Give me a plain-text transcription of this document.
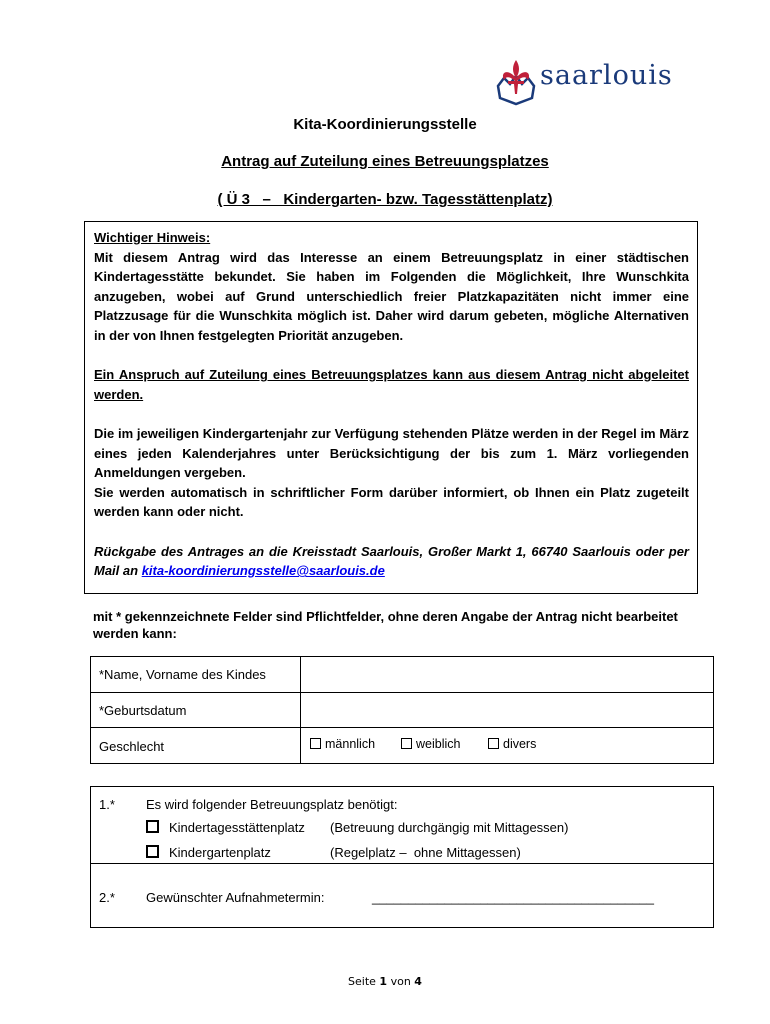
saarlouis
Kita-Koordinierungsstelle
Antrag auf Zuteilung eines Betreuungsplatzes
( Ü 3   –   Kindergarten- bzw. Tagesstättenplatz)

Wichtiger Hinweis:

Mit diesem Antrag wird das Interesse an einem Betreuungsplatz in einer städtischen Kindertagesstätte bekundet. Sie haben im Folgenden die Möglichkeit, Ihre Wunschkita anzugeben, wobei auf Grund unterschiedlich freier Platzkapazitäten nicht immer eine Platzzusage für die Wunschkita möglich ist. Daher wird darum gebeten, mögliche Alternativen in der von Ihnen festgelegten Priorität anzugeben.

Ein Anspruch auf Zuteilung eines Betreuungsplatzes kann aus diesem Antrag nicht abgeleitet werden.

Die im jeweiligen Kindergartenjahr zur Verfügung stehenden Plätze werden in der Regel im März eines jeden Kalenderjahres unter Berücksichtigung der bis zum 1. März vorliegenden Anmeldungen vergeben.

Sie werden automatisch in schriftlicher Form darüber informiert, ob Ihnen ein Platz zugeteilt werden kann oder nicht.

Rückgabe des Antrages an die Kreisstadt Saarlouis, Großer Markt 1, 66740 Saarlouis oder per Mail an kita-koordinierungsstelle@saarlouis.de

mit * gekennzeichnete Felder sind Pflichtfelder, ohne deren Angabe der Antrag nicht bearbeitet werden kann:
*Name, Vorname des Kindes
*Geburtsdatum
Geschlecht	männlich	weiblich	divers
1.* Es wird folgender Betreuungsplatz benötigt:
Kindertagesstättenplatz (Betreuung durchgängig mit Mittagessen)
Kindergartenplatz	(Regelplatz –  ohne Mittagessen)
2.* Gewünschter Aufnahmetermin:	_______________________________________
Seite 1 von 4
